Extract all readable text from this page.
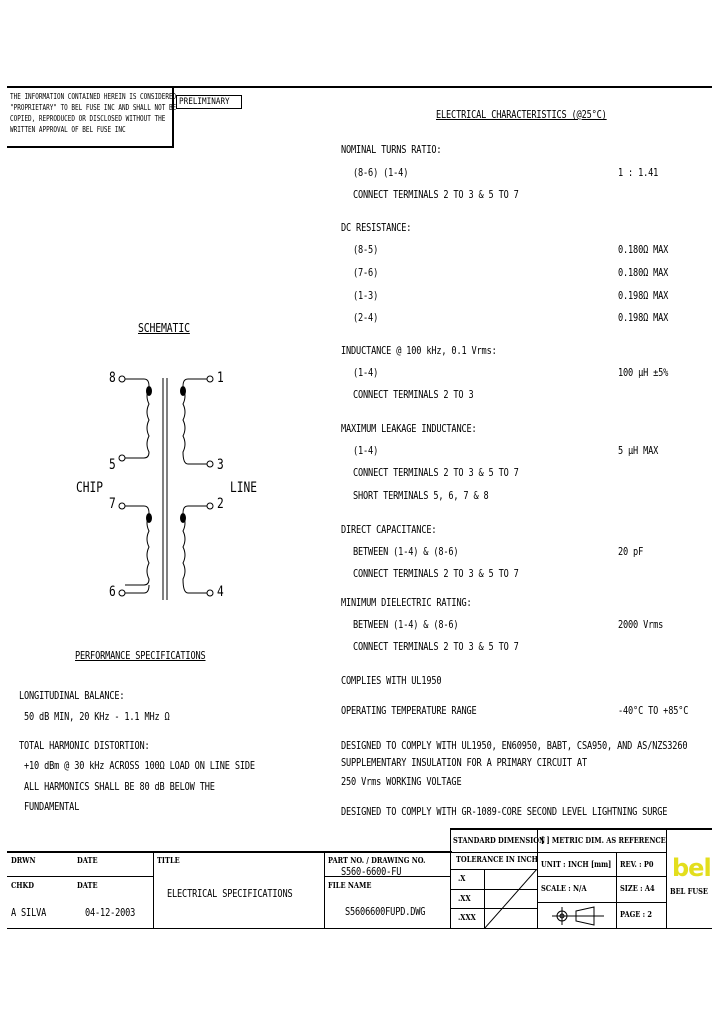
THE INFORMATION CONTAINED HEREIN IS CONSIDERED
"PROPRIETARY" TO BEL FUSE INC AND SHALL NOT BE
COPIED, REPRODUCED OR DISCLOSED WITHOUT THE
WRITTEN APPROVAL OF BEL FUSE INC
PRELIMINARY
SCHEMATIC
8
5
7
6
1
3
2
4
CHIP	LINE
PERFORMANCE SPECIFICATIONS
LONGITUDINAL BALANCE:
50 dB MIN, 20 KHz - 1.1 MHz Ω
TOTAL HARMONIC DISTORTION:
+10 dBm @ 30 kHz ACROSS 100Ω LOAD ON LINE SIDE
ALL HARMONICS SHALL BE 80 dB BELOW THE
FUNDAMENTAL
ELECTRICAL CHARACTERISTICS (@25°C)
NOMINAL TURNS RATIO:
(8-6) (1-4)	1 : 1.41
CONNECT TERMINALS 2 TO 3 & 5 TO 7
DC RESISTANCE:
(8-5)	0.180Ω MAX
(7-6)	0.180Ω MAX
(1-3)	0.198Ω MAX
(2-4)	0.198Ω MAX
INDUCTANCE @ 100 kHz, 0.1 Vrms:
(1-4)	100 μH ±5%
CONNECT TERMINALS 2 TO 3
MAXIMUM LEAKAGE INDUCTANCE:
(1-4)	5 μH MAX
CONNECT TERMINALS 2 TO 3 & 5 TO 7
SHORT TERMINALS 5, 6, 7 & 8
DIRECT CAPACITANCE:
BETWEEN (1-4) & (8-6)	20 pF
CONNECT TERMINALS 2 TO 3 & 5 TO 7
MINIMUM DIELECTRIC RATING:
BETWEEN (1-4) & (8-6)	2000 Vrms
CONNECT TERMINALS 2 TO 3 & 5 TO 7
COMPLIES WITH UL1950
OPERATING TEMPERATURE RANGE	-40°C TO +85°C
DESIGNED TO COMPLY WITH UL1950, EN60950, BABT, CSA950, AND AS/NZS3260
SUPPLEMENTARY INSULATION FOR A PRIMARY CIRCUIT AT
250 Vrms WORKING VOLTAGE
DESIGNED TO COMPLY WITH GR-1089-CORE SECOND LEVEL LIGHTNING SURGE
DRWN	DATE
CHKD	DATE
A SILVA	04-12-2003
TITLE
ELECTRICAL SPECIFICATIONS
PART NO. / DRAWING NO.
S560-6600-FU
FILE NAME
S5606600FUPD.DWG
STANDARD DIMENSION
TOLERANCE IN INCH
.X
.XX
.XXX
[ ] METRIC DIM. AS REFERENCE
UNIT : INCH [mm] REV. : P0
SCALE : N/A	SIZE : A4
PAGE : 2
bel
BEL FUSE
